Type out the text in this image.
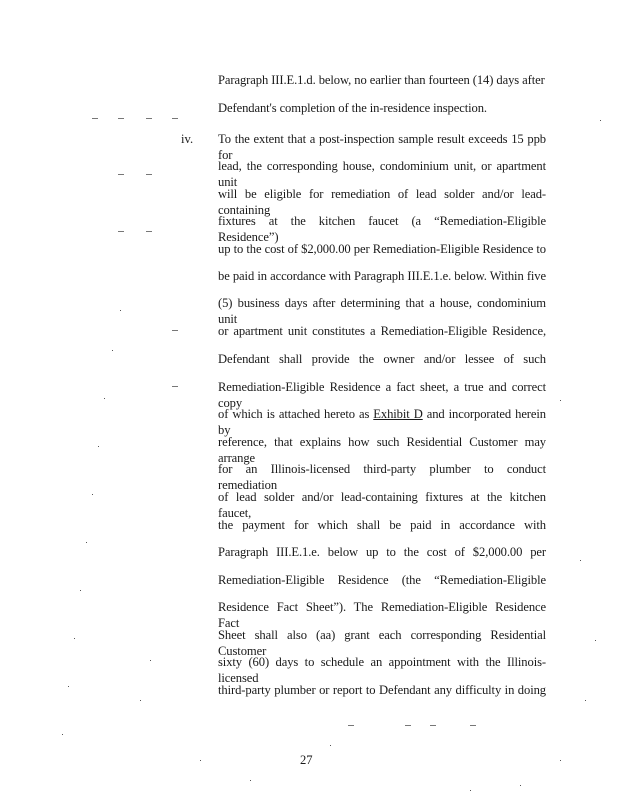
Paragraph III.E.1.d. below, no earlier than fourteen (14) days after
Defendant's completion of the in-residence inspection.
iv. To the extent that a post-inspection sample result exceeds 15 ppb for
lead, the corresponding house, condominium unit, or apartment unit
will be eligible for remediation of lead solder and/or lead-containing
fixtures at the kitchen faucet (a “Remediation-Eligible Residence”)
up to the cost of $2,000.00 per Remediation-Eligible Residence to
be paid in accordance with Paragraph III.E.1.e. below. Within five
(5) business days after determining that a house, condominium unit
or apartment unit constitutes a Remediation-Eligible Residence,
Defendant shall provide the owner and/or lessee of such
Remediation-Eligible Residence a fact sheet, a true and correct copy
of which is attached hereto as Exhibit D and incorporated herein by
reference, that explains how such Residential Customer may arrange
for an Illinois-licensed third-party plumber to conduct remediation
of lead solder and/or lead-containing fixtures at the kitchen faucet,
the payment for which shall be paid in accordance with
Paragraph III.E.1.e. below up to the cost of $2,000.00 per
Remediation-Eligible Residence (the “Remediation-Eligible
Residence Fact Sheet”). The Remediation-Eligible Residence Fact
Sheet shall also (aa) grant each corresponding Residential Customer
sixty (60) days to schedule an appointment with the Illinois-licensed
third-party plumber or report to Defendant any difficulty in doing
27
